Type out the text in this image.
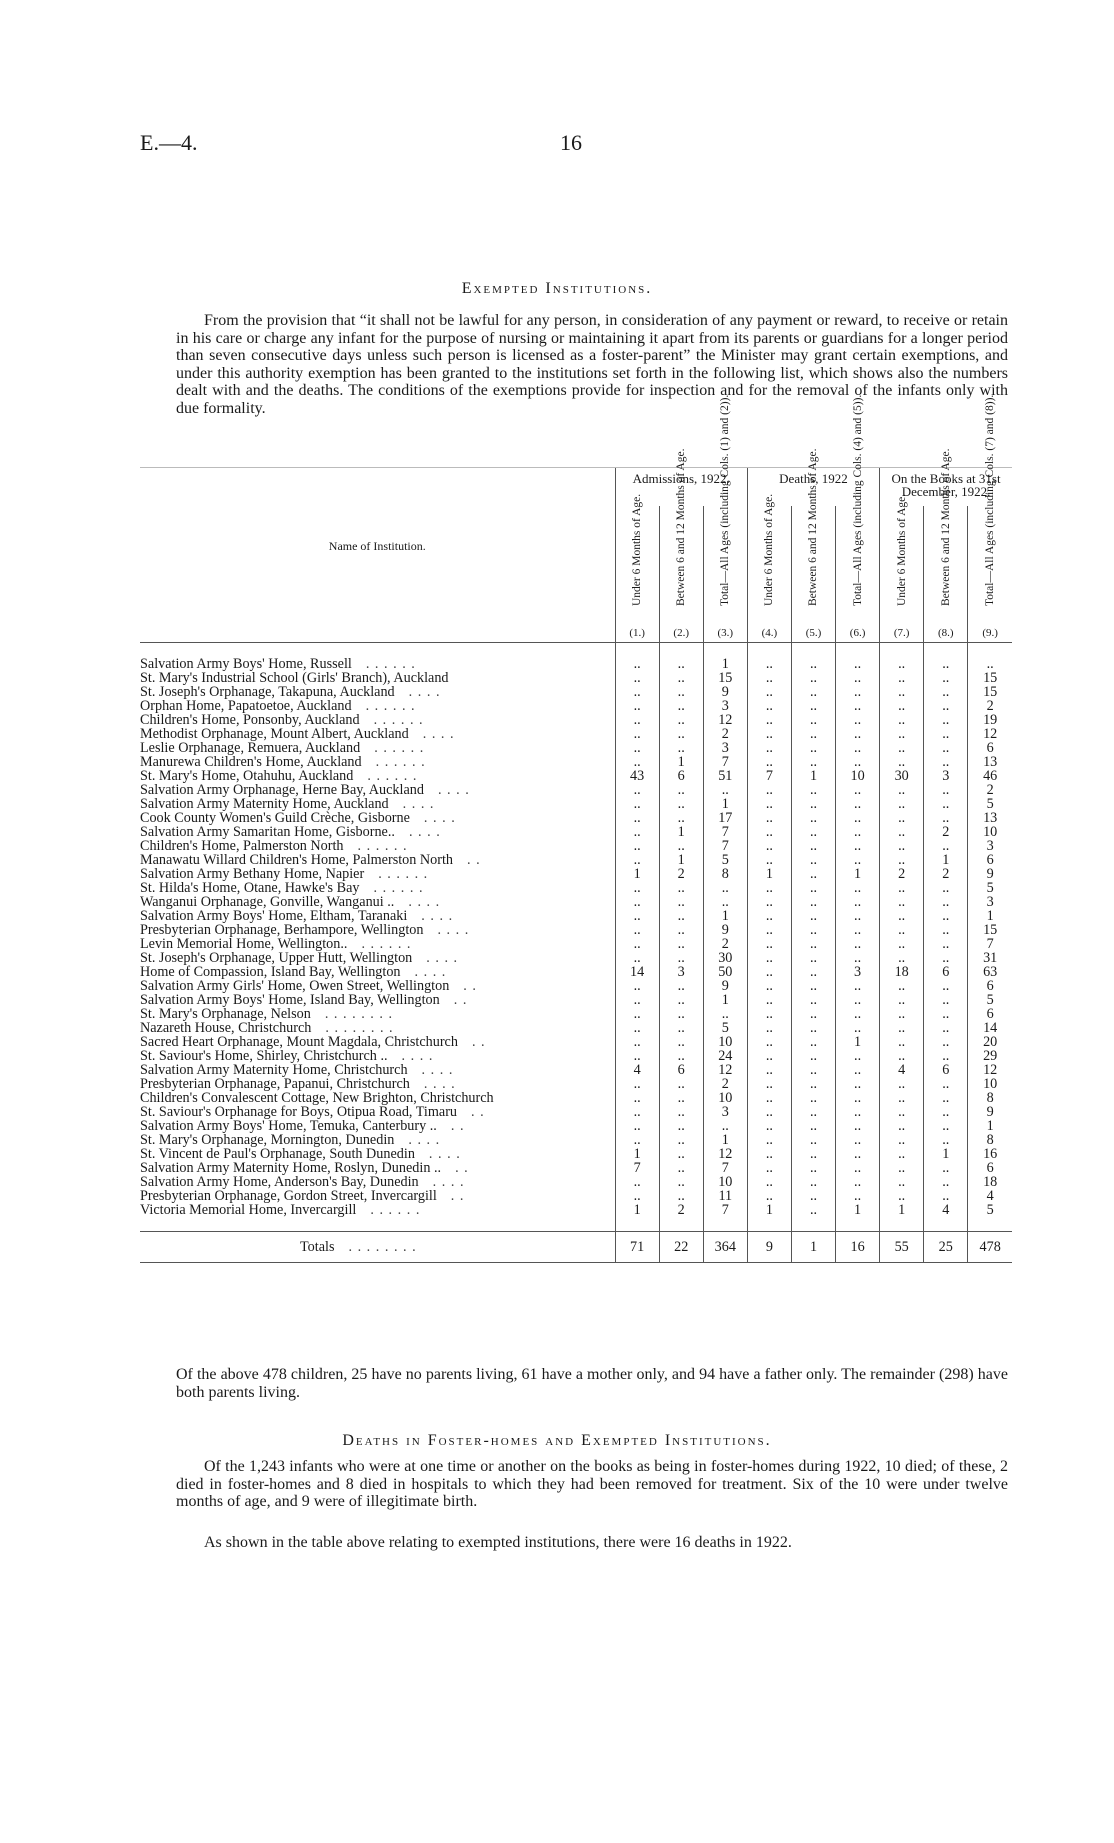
E.—4.	16
Exempted Institutions.

From the provision that “it shall not be lawful for any person, in consideration of any payment or reward, to receive or retain in his care or charge any infant for the purpose of nursing or maintaining it apart from its parents or guardians for a longer period than seven consecutive days unless such person is licensed as a foster-parent” the Minister may grant certain exemptions, and under this authority exemption has been granted to the institutions set forth in the following list, which shows also the numbers dealt with and the deaths. The conditions of the exemptions provide for inspection and for the removal of the infants only with due formality.

Name of Institution.	Admissions, 1922.			Deaths, 1922			On the Books at 31st December, 1922.		

	Under 6 Months of Age.	Between 6 and 12 Months of Age.	Total—All Ages (including Cols. (1) and (2)).	Under 6 Months of Age.	Between 6 and 12 Months of Age.	Total—All Ages (including Cols. (4) and (5)).	Under 6 Months of Age.	Between 6 and 12 Months of Age.	Total—All Ages (including Cols. (7) and (8)).

	(1.)	(2.)	(3.)	(4.)	(5.)	(6.)	(7.)	(8.)	(9.)

Salvation Army Boys' Home, Russell . . . . . .	..	..	1	..	..	..	..	..	..
St. Mary's Industrial School (Girls' Branch), Auckland	..	..	15	..	..	..	..	..	15
St. Joseph's Orphanage, Takapuna, Auckland . . . .	..	..	9	..	..	..	..	..	15
Orphan Home, Papatoetoe, Auckland . . . . . .	..	..	3	..	..	..	..	..	2
Children's Home, Ponsonby, Auckland . . . . . .	..	..	12	..	..	..	..	..	19
Methodist Orphanage, Mount Albert, Auckland . . . .	..	..	2	..	..	..	..	..	12
Leslie Orphanage, Remuera, Auckland . . . . . .	..	..	3	..	..	..	..	..	6
Manurewa Children's Home, Auckland . . . . . .	..	1	7	..	..	..	..	..	13
St. Mary's Home, Otahuhu, Auckland . . . . . .	43	6	51	7	1	10	30	3	46
Salvation Army Orphanage, Herne Bay, Auckland . . . .	..	..	..	..	..	..	..	..	2
Salvation Army Maternity Home, Auckland . . . .	..	..	1	..	..	..	..	..	5
Cook County Women's Guild Crèche, Gisborne . . . .	..	..	17	..	..	..	..	..	13
Salvation Army Samaritan Home, Gisborne.. . . . .	..	1	7	..	..	..	..	2	10
Children's Home, Palmerston North . . . . . .	..	..	7	..	..	..	..	..	3
Manawatu Willard Children's Home, Palmerston North . .	..	1	5	..	..	..	..	1	6
Salvation Army Bethany Home, Napier . . . . . .	1	2	8	1	..	1	2	2	9
St. Hilda's Home, Otane, Hawke's Bay . . . . . .	..	..	..	..	..	..	..	..	5
Wanganui Orphanage, Gonville, Wanganui .. . . . .	..	..	..	..	..	..	..	..	3
Salvation Army Boys' Home, Eltham, Taranaki . . . .	..	..	1	..	..	..	..	..	1
Presbyterian Orphanage, Berhampore, Wellington . . . .	..	..	9	..	..	..	..	..	15
Levin Memorial Home, Wellington.. . . . . . .	..	..	2	..	..	..	..	..	7
St. Joseph's Orphanage, Upper Hutt, Wellington . . . .	..	..	30	..	..	..	..	..	31
Home of Compassion, Island Bay, Wellington . . . .	14	3	50	..	..	3	18	6	63
Salvation Army Girls' Home, Owen Street, Wellington . .	..	..	9	..	..	..	..	..	6
Salvation Army Boys' Home, Island Bay, Wellington . .	..	..	1	..	..	..	..	..	5
St. Mary's Orphanage, Nelson . . . . . . . .	..	..	..	..	..	..	..	..	6
Nazareth House, Christchurch . . . . . . . .	..	..	5	..	..	..	..	..	14
Sacred Heart Orphanage, Mount Magdala, Christchurch . .	..	..	10	..	..	1	..	..	20
St. Saviour's Home, Shirley, Christchurch .. . . . .	..	..	24	..	..	..	..	..	29
Salvation Army Maternity Home, Christchurch . . . .	4	6	12	..	..	..	4	6	12
Presbyterian Orphanage, Papanui, Christchurch . . . .	..	..	2	..	..	..	..	..	10
Children's Convalescent Cottage, New Brighton, Christchurch	..	..	10	..	..	..	..	..	8
St. Saviour's Orphanage for Boys, Otipua Road, Timaru . .	..	..	3	..	..	..	..	..	9
Salvation Army Boys' Home, Temuka, Canterbury .. . .	..	..	..	..	..	..	..	..	1
St. Mary's Orphanage, Mornington, Dunedin . . . .	..	..	1	..	..	..	..	..	8
St. Vincent de Paul's Orphanage, South Dunedin . . . .	1	..	12	..	..	..	..	1	16
Salvation Army Maternity Home, Roslyn, Dunedin .. . .	7	..	7	..	..	..	..	..	6
Salvation Army Home, Anderson's Bay, Dunedin . . . .	..	..	10	..	..	..	..	..	18
Presbyterian Orphanage, Gordon Street, Invercargill . .	..	..	11	..	..	..	..	..	4
Victoria Memorial Home, Invercargill . . . . . .	1	2	7	1	..	1	1	4	5

Totals . . . . . . . .	71	22	364	9	1	16	55	25	478

Of the above 478 children, 25 have no parents living, 61 have a mother only, and 94 have a father only. The remainder (298) have both parents living.

Deaths in Foster-homes and Exempted Institutions.

Of the 1,243 infants who were at one time or another on the books as being in foster-homes during 1922, 10 died; of these, 2 died in foster-homes and 8 died in hospitals to which they had been removed for treatment. Six of the 10 were under twelve months of age, and 9 were of illegitimate birth.

As shown in the table above relating to exempted institutions, there were 16 deaths in 1922.
